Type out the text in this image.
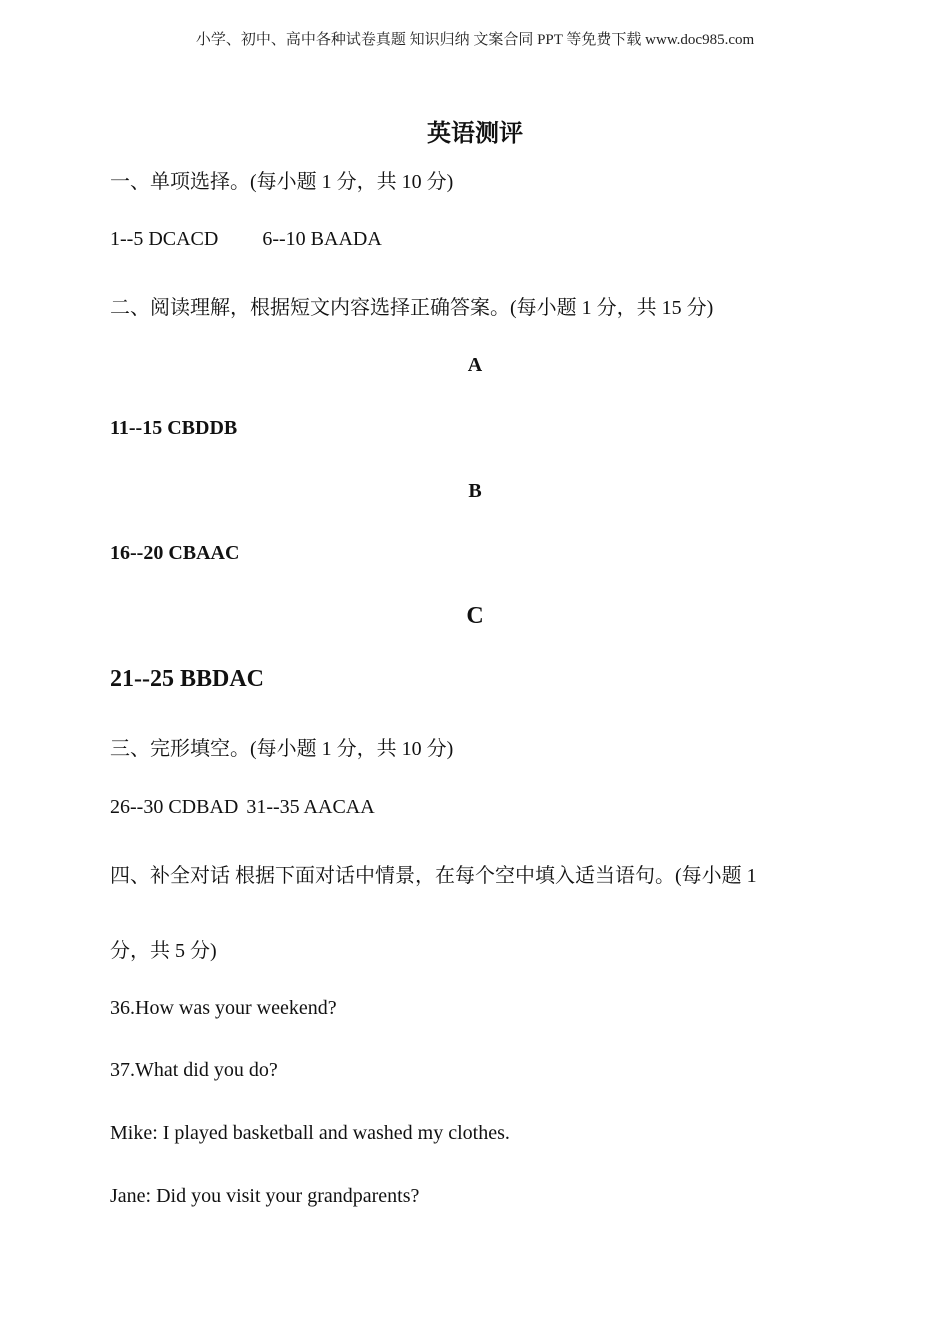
小学、初中、高中各种试卷真题 知识归纳 文案合同 PPT 等免费下载 www.doc985.com
英语测评
一、单项选择。(每小题 1 分，共 10 分)
1--5 DCACD 6--10 BAADA
二、阅读理解，根据短文内容选择正确答案。(每小题 1 分，共 15 分)
A
11--15 CBDDB
B
16--20 CBAAC
C
21--25 BBDAC
三、完形填空。(每小题 1 分，共 10 分)
26--30 CDBAD 31--35 AACAA
四、补全对话 根据下面对话中情景，在每个空中填入适当语句。(每小题 1
分，共 5 分)
36.How was your weekend?
37.What did you do?
Mike: I played basketball and washed my clothes.
Jane: Did you visit your grandparents?
